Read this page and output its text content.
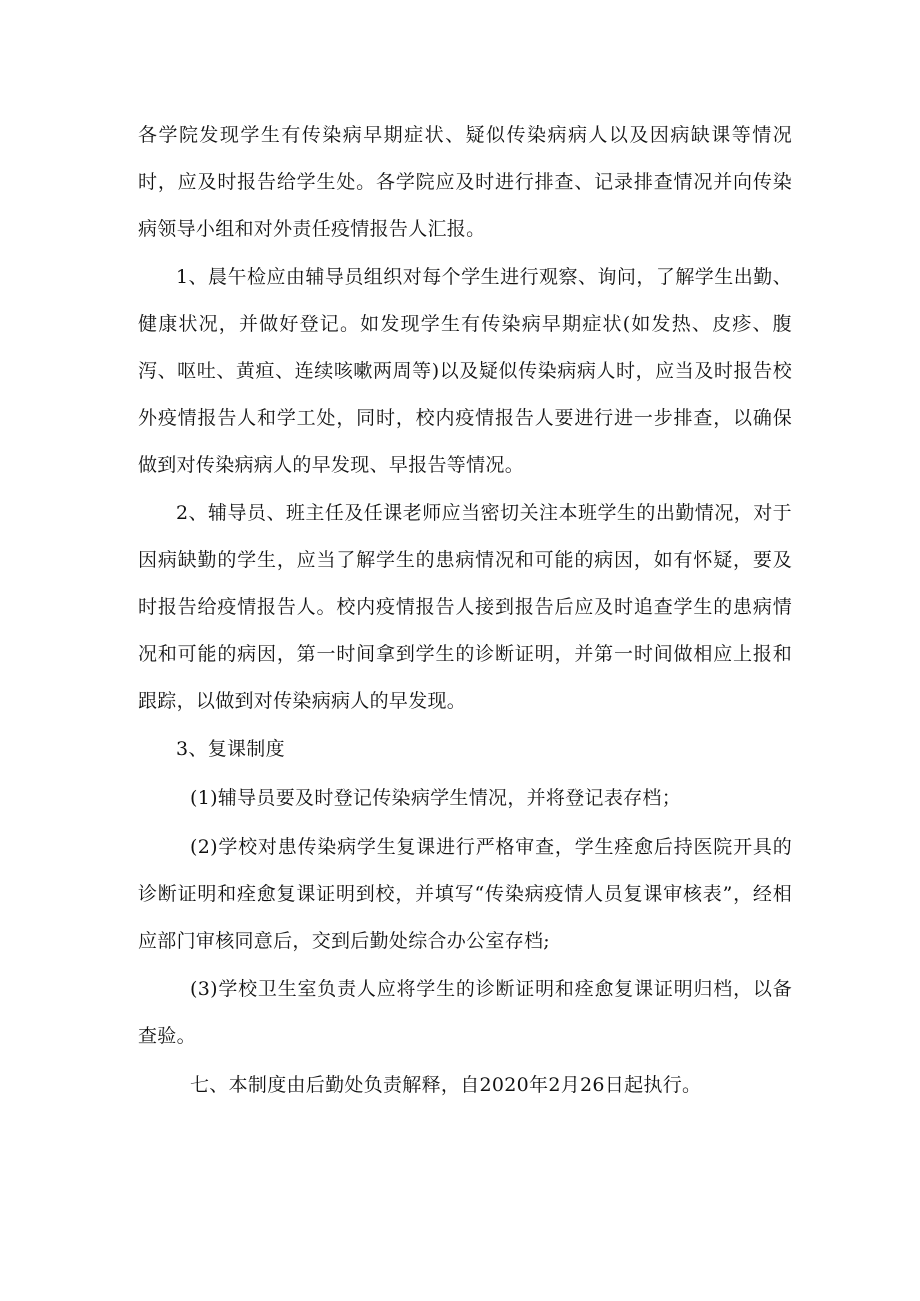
各学院发现学生有传染病早期症状、疑似传染病病人以及因病缺课等情况时，应及时报告给学生处。各学院应及时进行排查、记录排查情况并向传染病领导小组和对外责任疫情报告人汇报。

1、晨午检应由辅导员组织对每个学生进行观察、询问，了解学生出勤、健康状况，并做好登记。如发现学生有传染病早期症状(如发热、皮疹、腹泻、呕吐、黄疸、连续咳嗽两周等)以及疑似传染病病人时，应当及时报告校外疫情报告人和学工处，同时，校内疫情报告人要进行进一步排查，以确保做到对传染病病人的早发现、早报告等情况。

2、辅导员、班主任及任课老师应当密切关注本班学生的出勤情况，对于因病缺勤的学生，应当了解学生的患病情况和可能的病因，如有怀疑，要及时报告给疫情报告人。校内疫情报告人接到报告后应及时追查学生的患病情况和可能的病因，第一时间拿到学生的诊断证明，并第一时间做相应上报和跟踪，以做到对传染病病人的早发现。

3、复课制度

(1)辅导员要及时登记传染病学生情况，并将登记表存档；

(2)学校对患传染病学生复课进行严格审查，学生痊愈后持医院开具的诊断证明和痊愈复课证明到校，并填写“传染病疫情人员复课审核表”，经相应部门审核同意后，交到后勤处综合办公室存档;

(3)学校卫生室负责人应将学生的诊断证明和痊愈复课证明归档，以备查验。

七、本制度由后勤处负责解释，自2020年2月26日起执行。
